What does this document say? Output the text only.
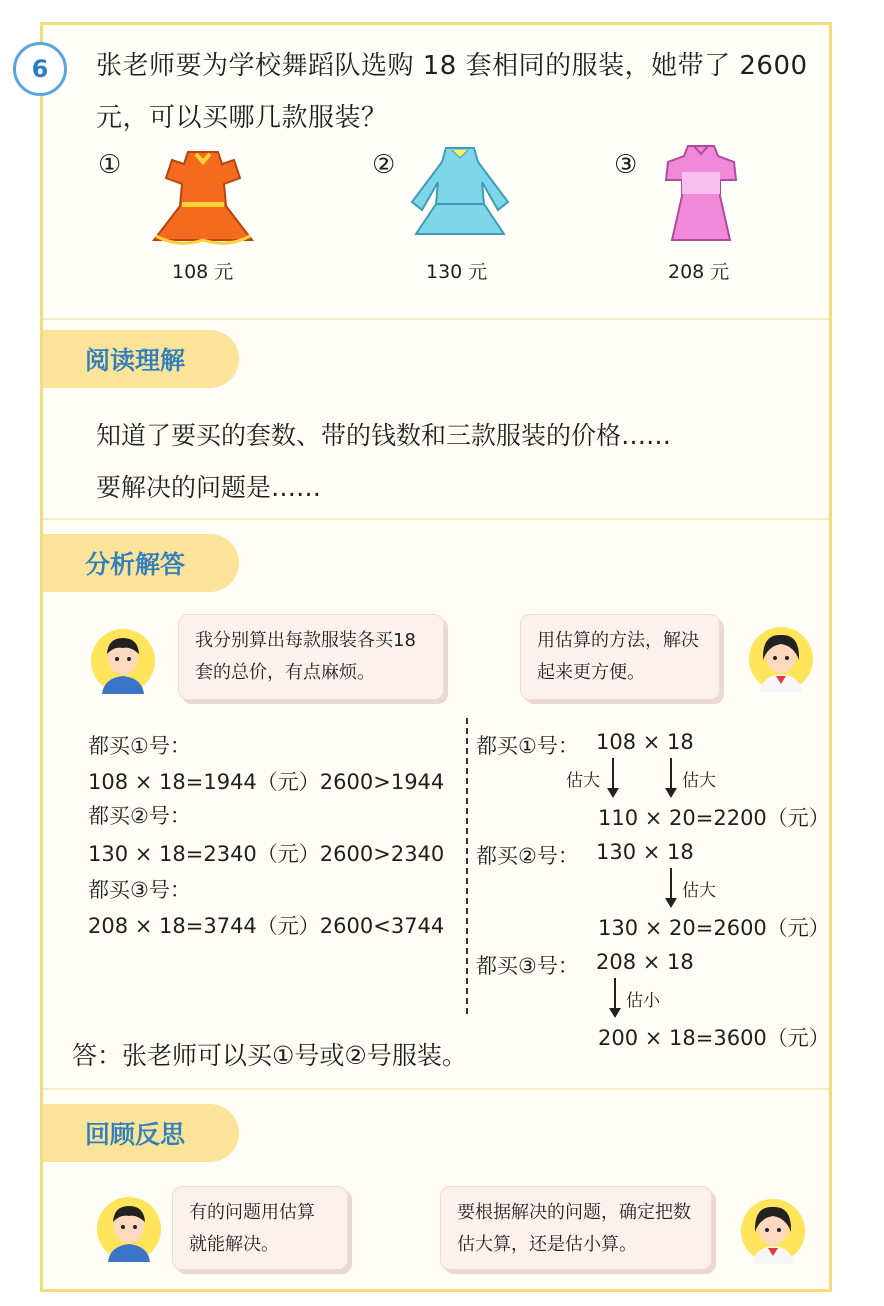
6	张老师要为学校舞蹈队选购 18 套相同的服装，她带了 2600 元，可以买哪几款服装？
①
108 元
②
130 元
③
208 元
阅读理解
知道了要买的套数、带的钱数和三款服装的价格……
要解决的问题是……
分析解答
我分别算出每款服装各买18 套的总价，有点麻烦。
用估算的方法，解决起来更方便。
都买①号：
108 × 18=1944（元）2600>1944
都买②号：
130 × 18=2340（元）2600>2340
都买③号：
208 × 18=3744（元）2600<3744
都买①号： 108 × 18
估大	估大
110 × 20=2200（元）
都买②号： 130 × 18
估大
130 × 20=2600（元）
都买③号： 208 × 18
估小
200 × 18=3600（元）
答：张老师可以买①号或②号服装。
回顾反思
有的问题用估算就能解决。
要根据解决的问题，确定把数估大算，还是估小算。
